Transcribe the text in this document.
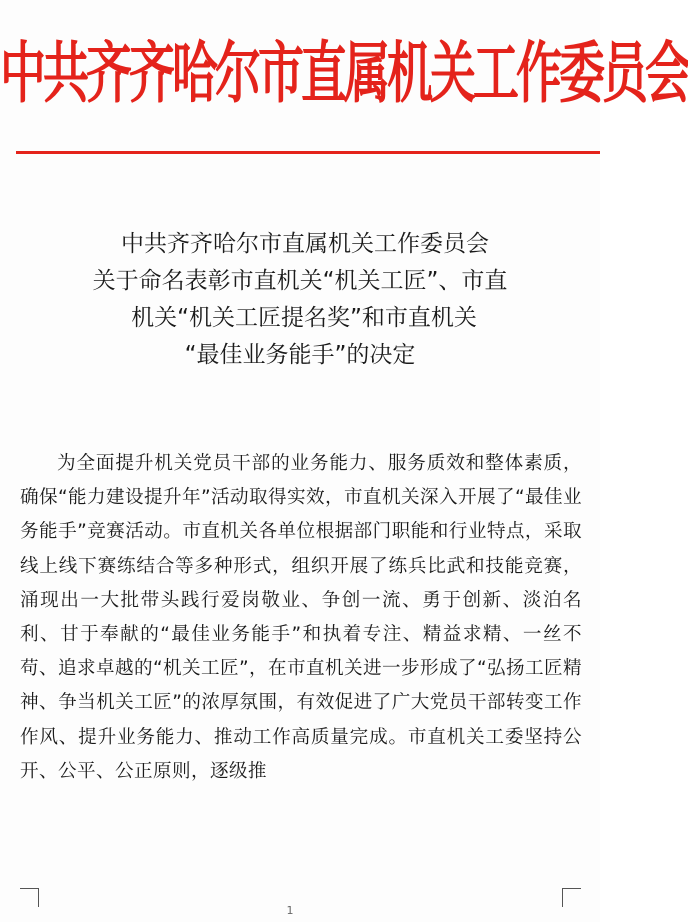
中共齐齐哈尔市直属机关工作委员会
中共齐齐哈尔市直属机关工作委员会
关于命名表彰市直机关“机关工匠”、市直
机关“机关工匠提名奖”和市直机关
“最佳业务能手”的决定
为全面提升机关党员干部的业务能力、服务质效和整体素质，确保“能力建设提升年”活动取得实效，市直机关深入开展了“最佳业务能手”竞赛活动。市直机关各单位根据部门职能和行业特点，采取线上线下赛练结合等多种形式，组织开展了练兵比武和技能竞赛，涌现出一大批带头践行爱岗敬业、争创一流、勇于创新、淡泊名利、甘于奉献的“最佳业务能手”和执着专注、精益求精、一丝不苟、追求卓越的“机关工匠”，在市直机关进一步形成了“弘扬工匠精神、争当机关工匠”的浓厚氛围，有效促进了广大党员干部转变工作作风、提升业务能力、推动工作高质量完成。市直机关工委坚持公开、公平、公正原则，逐级推
1
